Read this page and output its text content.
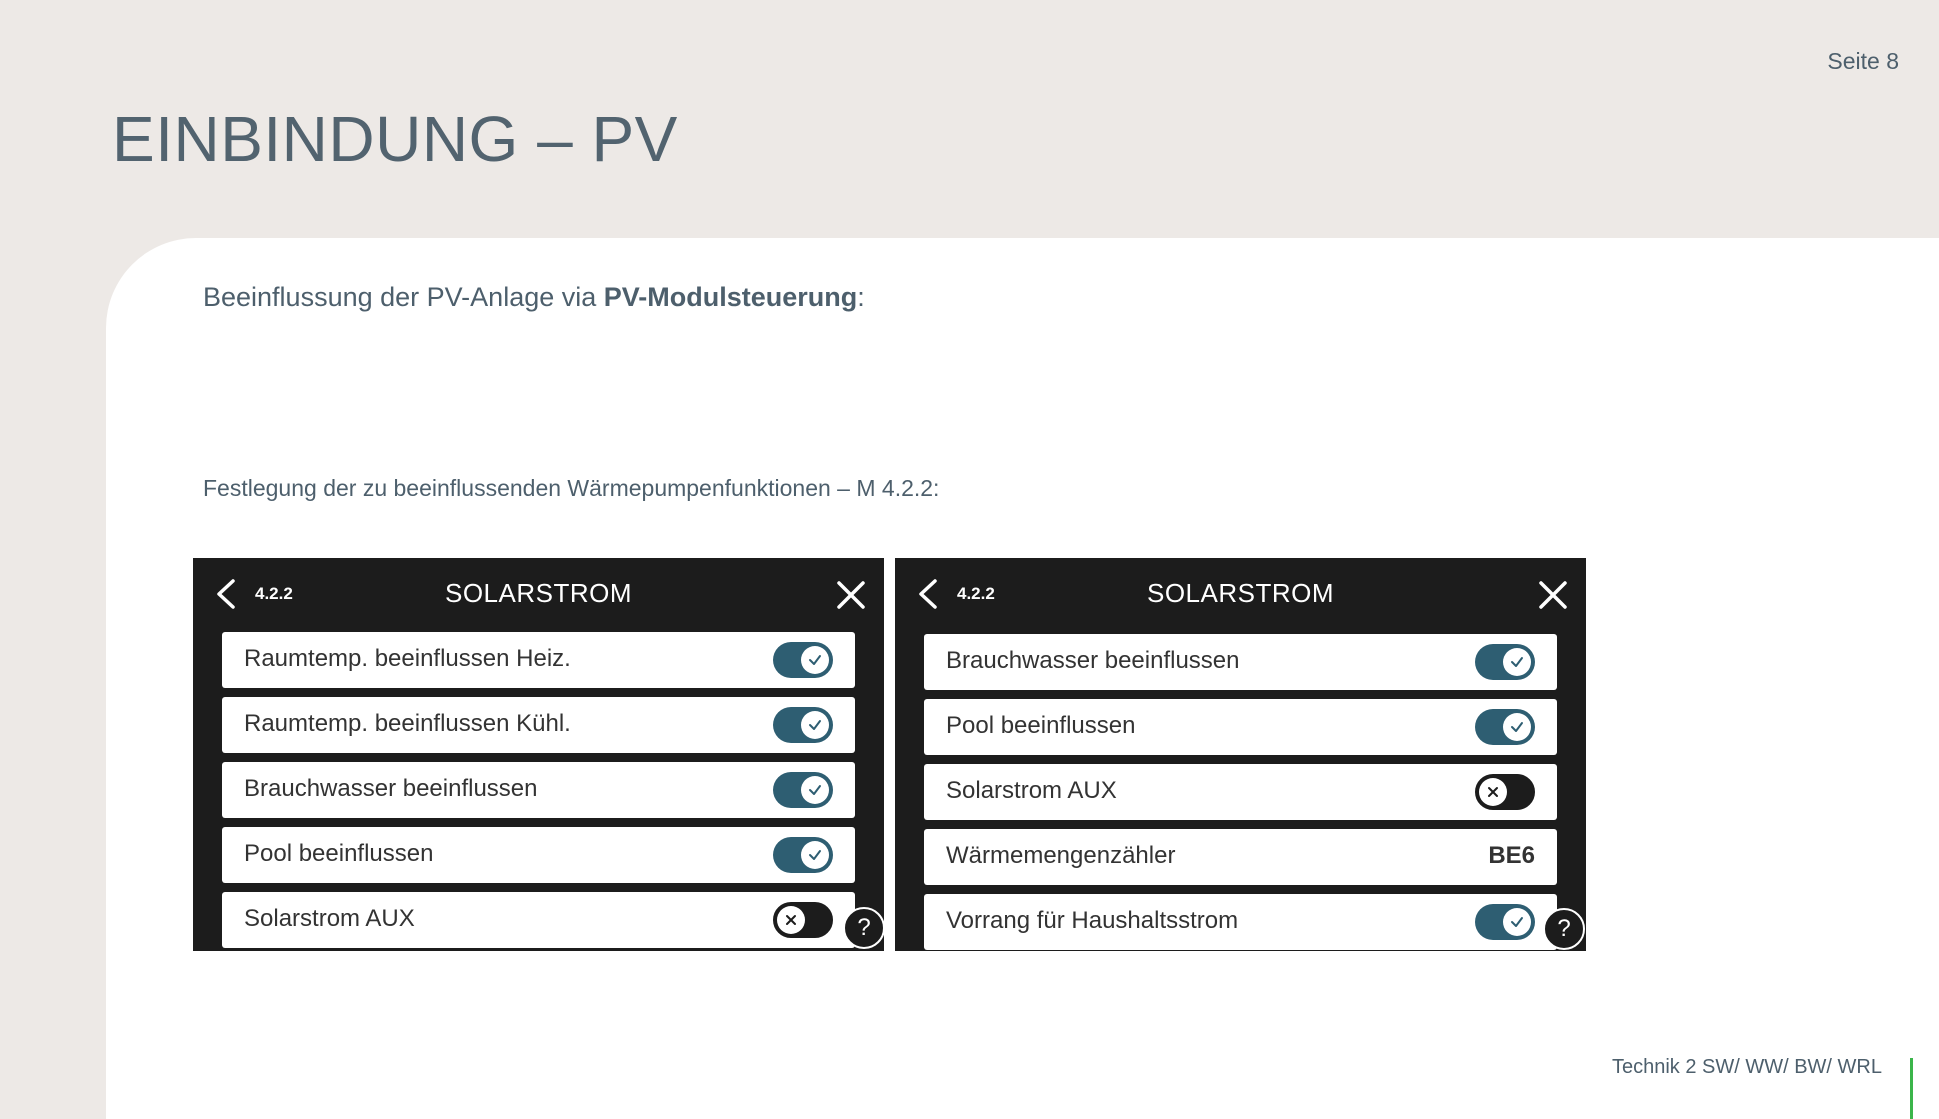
Seite 8
EINBINDUNG – PV
Beeinflussung der PV-Anlage via PV-Modulsteuerung:
Festlegung der zu beeinflussenden Wärmepumpenfunktionen – M 4.2.2:
4.2.2	SOLARSTROM
Raumtemp. beeinflussen Heiz.
Raumtemp. beeinflussen Kühl.
Brauchwasser beeinflussen
Pool beeinflussen
Solarstrom AUX	?
4.2.2	SOLARSTROM
Brauchwasser beeinflussen
Pool beeinflussen
Solarstrom AUX
Wärmemengenzähler	BE6
Vorrang für Haushaltsstrom	?
Technik 2 SW/ WW/ BW/ WRL
